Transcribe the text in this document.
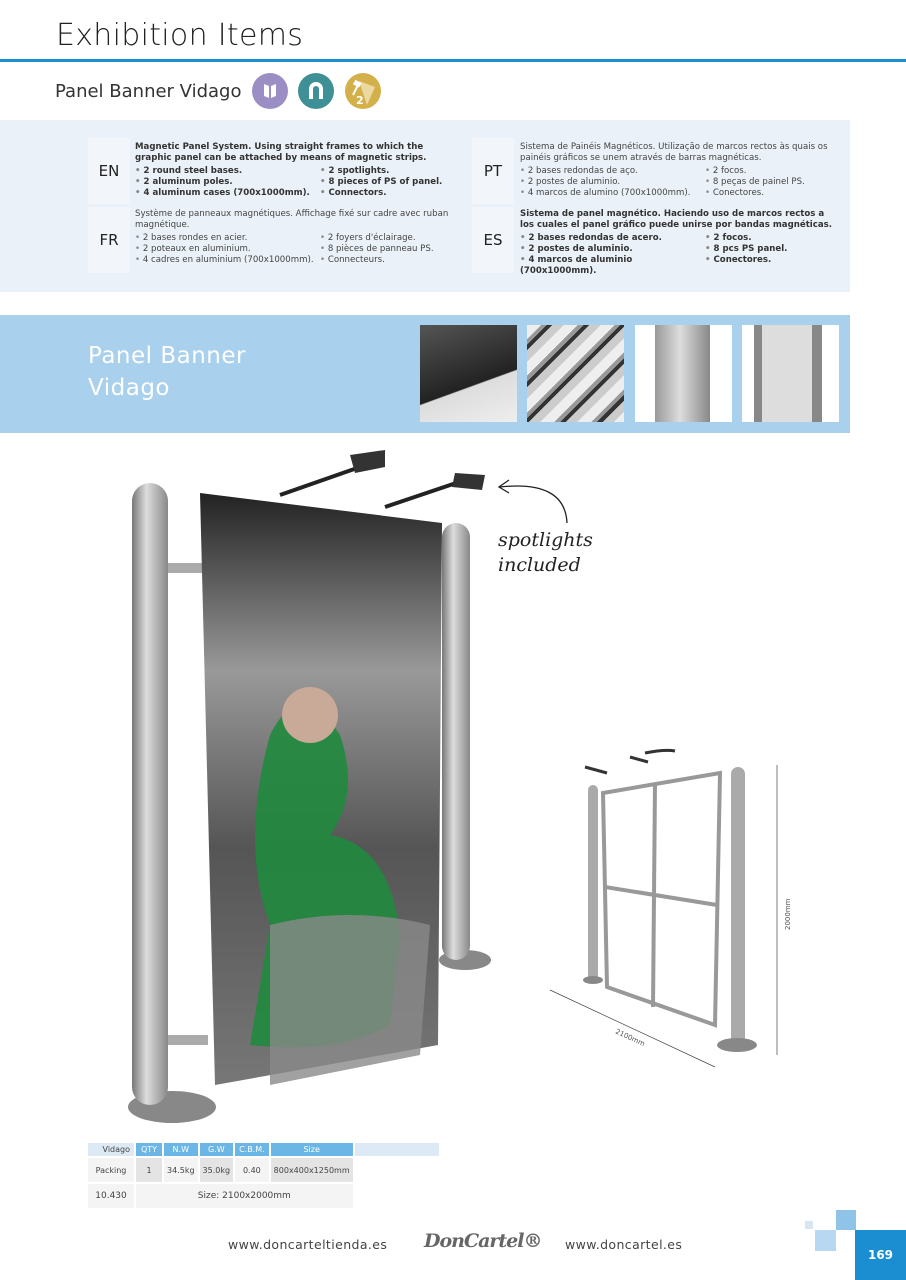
Exhibition Items
Panel Banner Vidago	2
EN

Magnetic Panel System. Using straight frames to which the graphic panel can be attached by means of magnetic strips.

• 2 round steel bases.	• 2 spotlights.
• 2 aluminum poles.	• 8 pieces of PS of panel.
• 4 aluminum cases (700x1000mm).	• Connectors.
FR

Système de panneaux magnétiques. Affichage fixé sur cadre avec ruban magnétique.

• 2 bases rondes en acier.	• 2 foyers d'éclairage.
• 2 poteaux en aluminium.	• 8 pièces de panneau PS.
• 4 cadres en aluminium (700x1000mm).	• Connecteurs.
PT

Sistema de Painéis Magnéticos. Utilização de marcos rectos às quais os painéis gráficos se unem através de barras magnéticas.

• 2 bases redondas de aço.	• 2 focos.
• 2 postes de aluminio.	• 8 peças de painel PS.
• 4 marcos de alumino (700x1000mm).	• Conectores.
ES

Sistema de panel magnético. Haciendo uso de marcos rectos a los cuales el panel gráfico puede unirse por bandas magnéticas.

• 2 bases redondas de acero.	• 2 focos.
• 2 postes de aluminio.	• 8 pcs PS panel.
• 4 marcos de aluminio (700x1000mm).
• Conectores.
Panel Banner Vidago
spotlights included
2100mm
2000mm
Vidago	QTY	N.W	G.W	C.B.M.	Size	
Packing	1	34.5kg	35.0kg	0.40	800x400x1250mm	
10.430	Size: 2100x2000mm					
www.doncarteltienda.es DonCartel® www.doncartel.es
169
